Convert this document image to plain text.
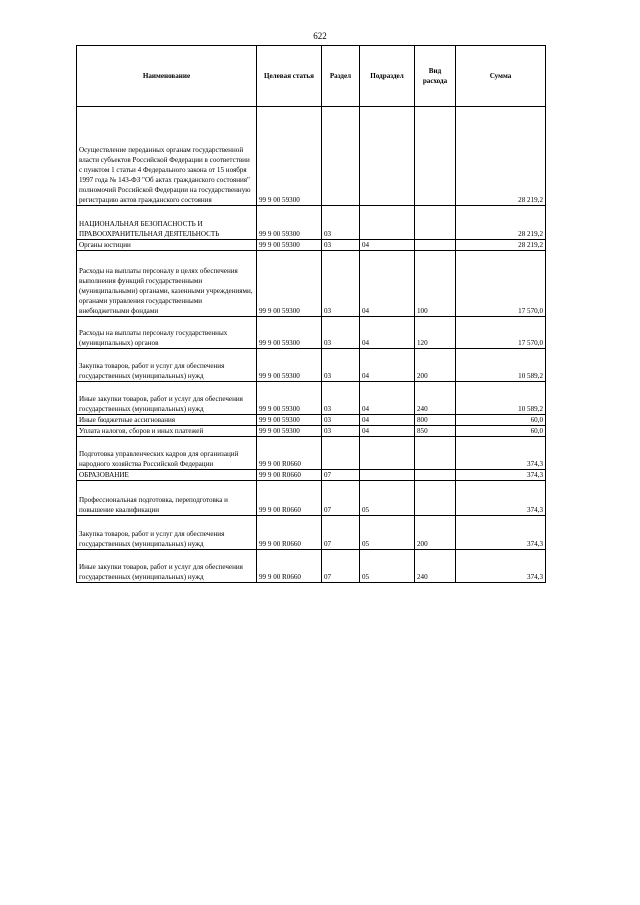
622
Наименование	Целевая статья	Раздел	Подраздел	Вид расхода	Сумма
Осуществление переданных органам государственной власти субъектов Российской Федерации в соответствии с пунктом 1 статьи 4 Федерального закона от 15 ноября 1997 года № 143-ФЗ "Об актах гражданского состояния" полномочий Российской Федерации на государственную регистрацию актов гражданского состояния	99 9 00 59300				28 219,2
НАЦИОНАЛЬНАЯ БЕЗОПАСНОСТЬ И ПРАВООХРАНИТЕЛЬНАЯ ДЕЯТЕЛЬНОСТЬ	99 9 00 59300	03			28 219,2
Органы юстиции	99 9 00 59300	03	04		28 219,2
Расходы на выплаты персоналу в целях обеспечения выполнения функций государственными (муниципальными) органами, казенными учреждениями, органами управления государственными внебюджетными фондами	99 9 00 59300	03	04	100	17 570,0
Расходы на выплаты персоналу государственных (муниципальных) органов	99 9 00 59300	03	04	120	17 570,0
Закупка товаров, работ и услуг для обеспечения государственных (муниципальных) нужд	99 9 00 59300	03	04	200	10 589,2
Иные закупки товаров, работ и услуг для обеспечения государственных (муниципальных) нужд	99 9 00 59300	03	04	240	10 589,2
Иные бюджетные ассигнования	99 9 00 59300	03	04	800	60,0
Уплата налогов, сборов и иных платежей	99 9 00 59300	03	04	850	60,0
Подготовка управленческих кадров для организаций народного хозяйства Российской Федерации	99 9 00 R0660				374,3
ОБРАЗОВАНИЕ	99 9 00 R0660	07			374,3
Профессиональная подготовка, переподготовка и повышение квалификации	99 9 00 R0660	07	05		374,3
Закупка товаров, работ и услуг для обеспечения государственных (муниципальных) нужд	99 9 00 R0660	07	05	200	374,3
Иные закупки товаров, работ и услуг для обеспечения государственных (муниципальных) нужд	99 9 00 R0660	07	05	240	374,3
